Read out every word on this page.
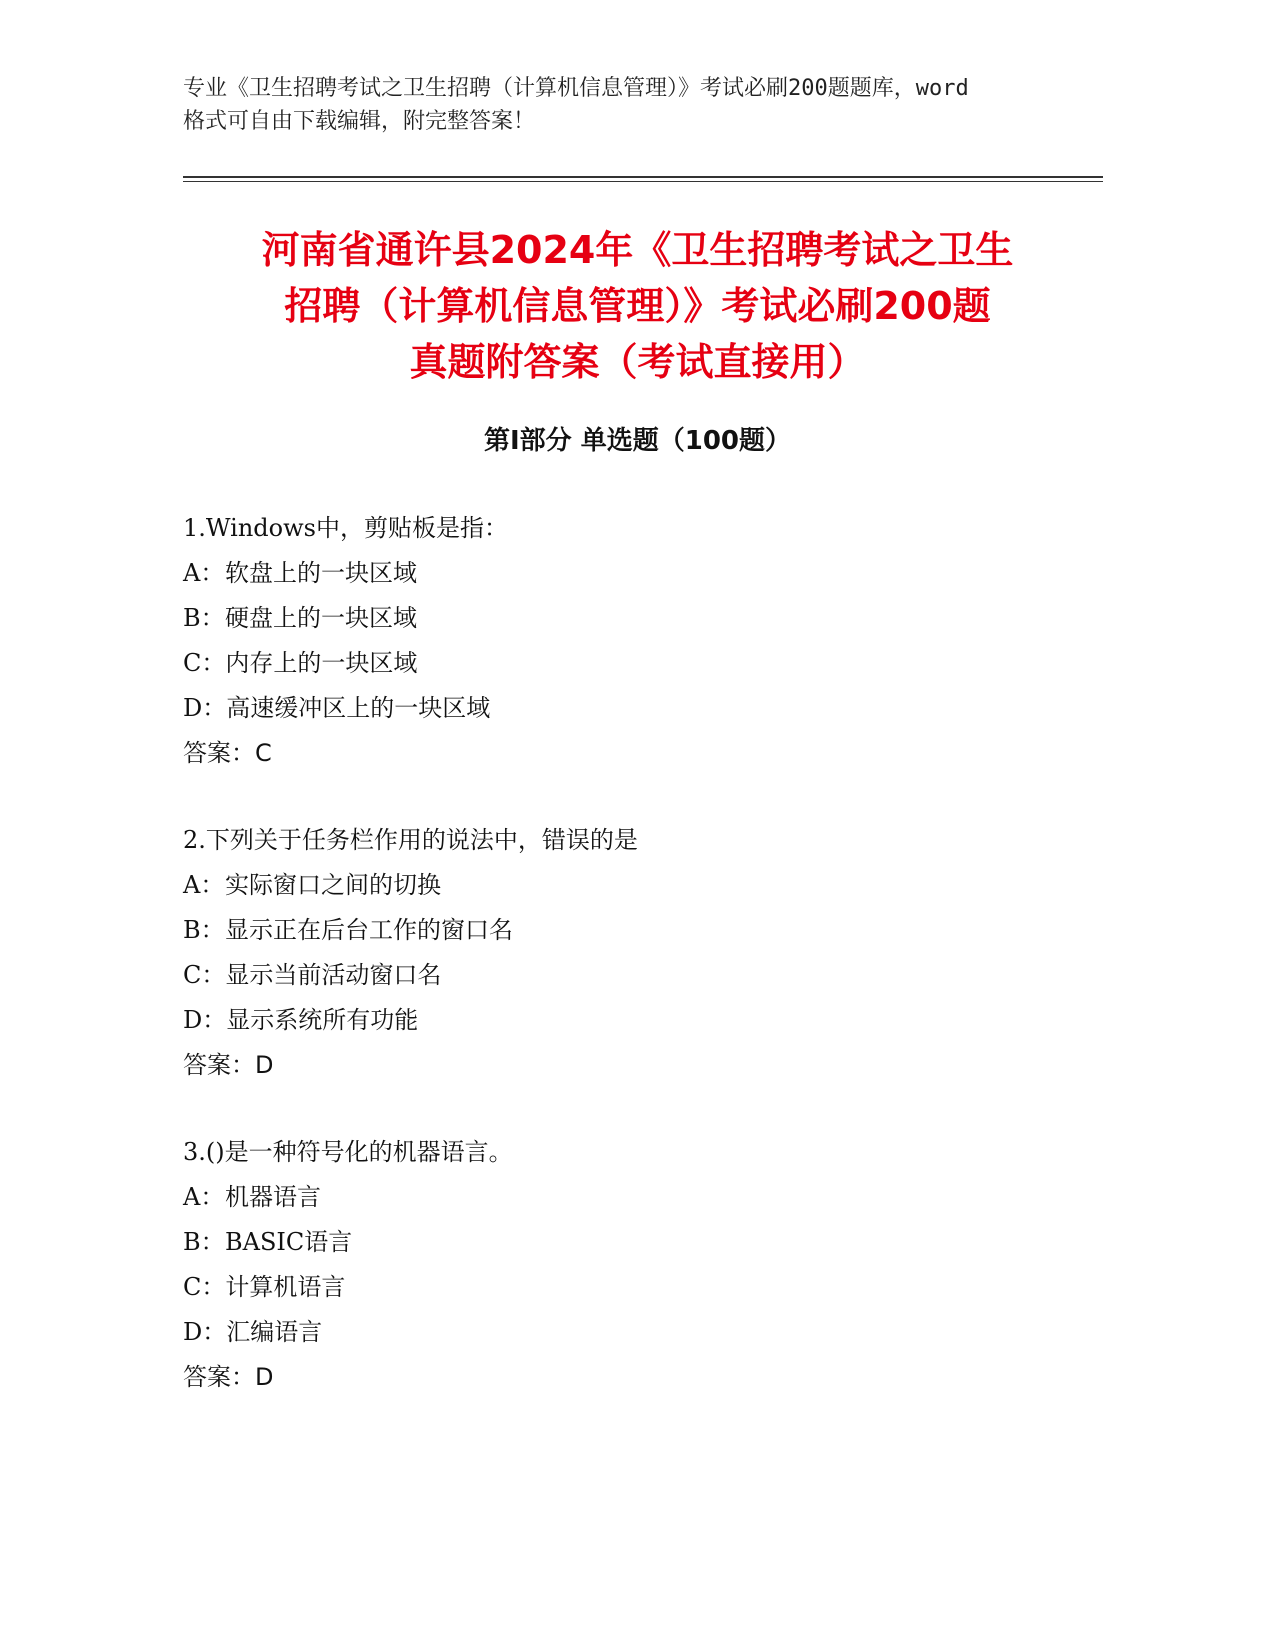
专业《卫生招聘考试之卫生招聘（计算机信息管理）》考试必刷200题题库，word
格式可自由下载编辑，附完整答案！
河南省通许县2024年《卫生招聘考试之卫生
招聘（计算机信息管理）》考试必刷200题
真题附答案（考试直接用）
第Ⅰ部分 单选题（100题）
1.Windows中，剪贴板是指：
A：软盘上的一块区域
B：硬盘上的一块区域
C：内存上的一块区域
D：高速缓冲区上的一块区域
答案：C
2.下列关于任务栏作用的说法中，错误的是
A：实际窗口之间的切换
B：显示正在后台工作的窗口名
C：显示当前活动窗口名
D：显示系统所有功能
答案：D
3.()是一种符号化的机器语言。
A：机器语言
B：BASIC语言
C：计算机语言
D：汇编语言
答案：D
